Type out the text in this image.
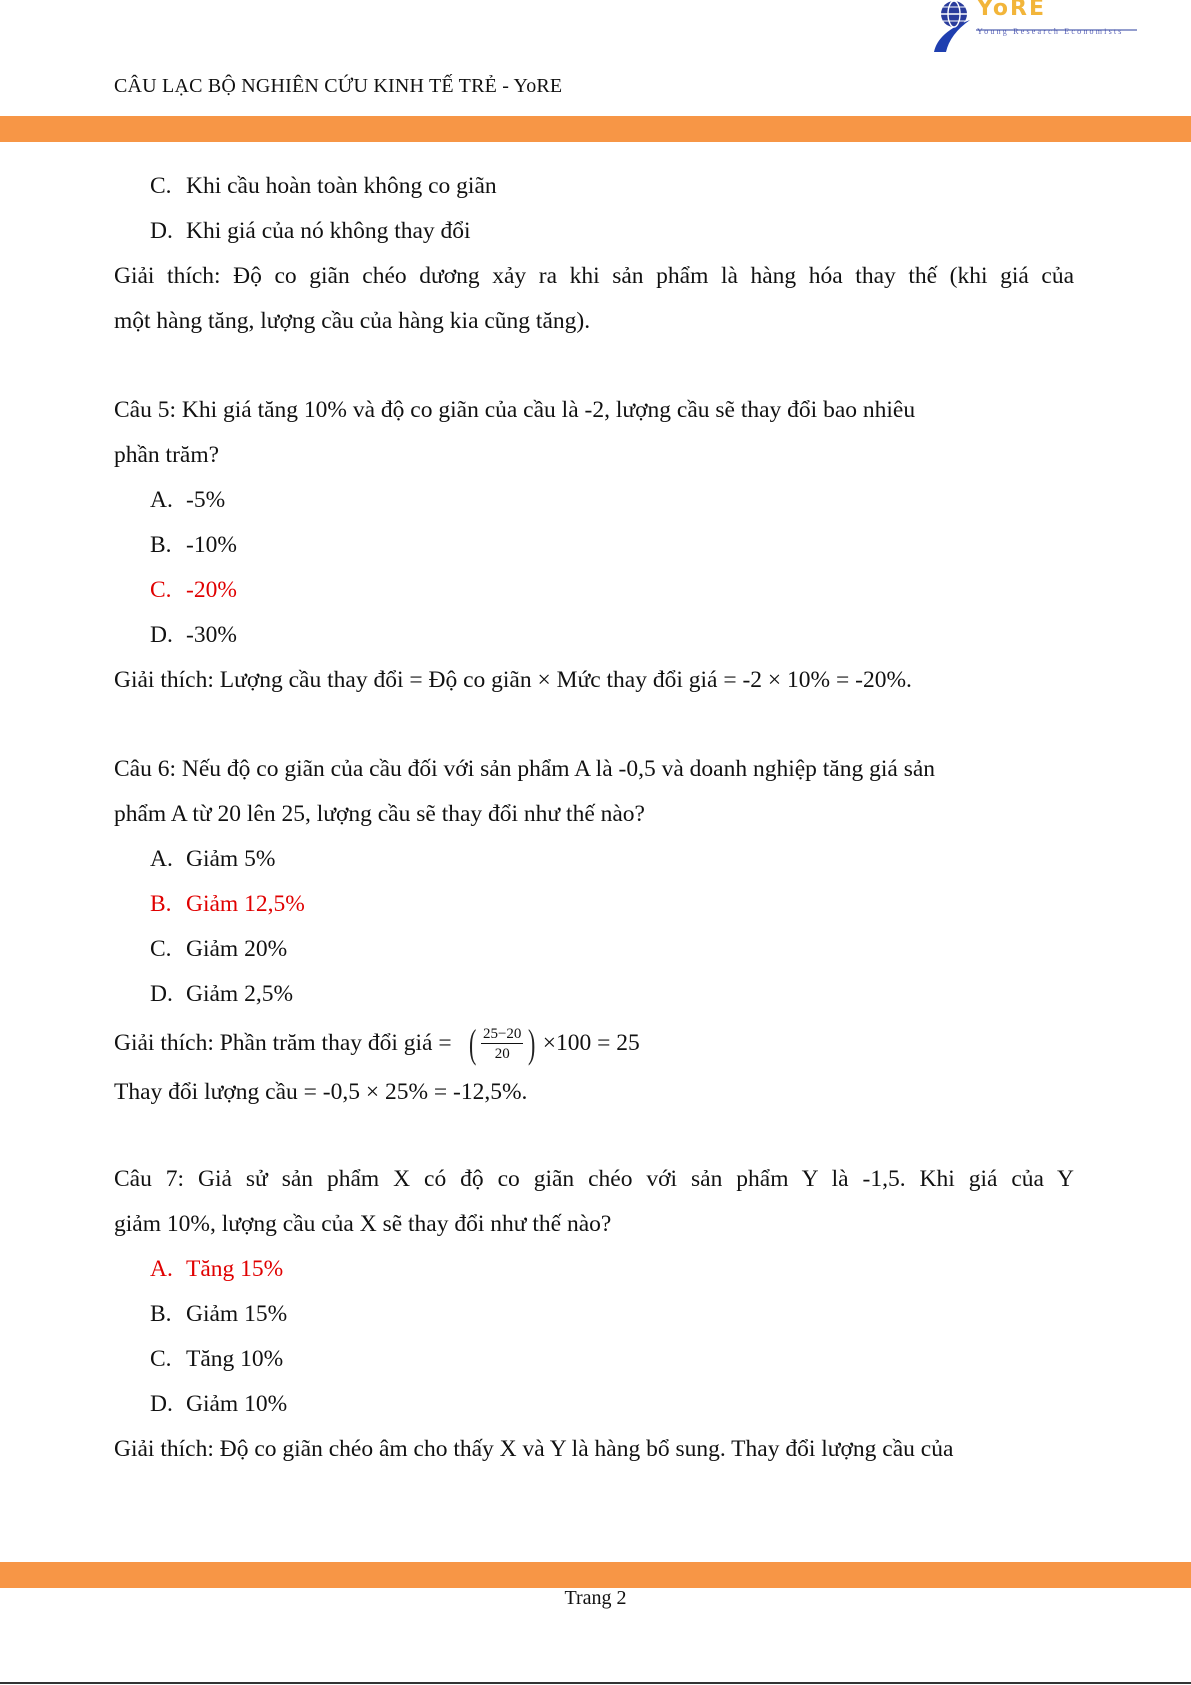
YoRE
Young Research Economists
CÂU LẠC BỘ NGHIÊN CỨU KINH TẾ TRẺ - YoRE
C. Khi cầu hoàn toàn không co giãn
D. Khi giá của nó không thay đổi
Giải thích: Độ co giãn chéo dương xảy ra khi sản phẩm là hàng hóa thay thế (khi giá của
một hàng tăng, lượng cầu của hàng kia cũng tăng).
Câu 5: Khi giá tăng 10% và độ co giãn của cầu là -2, lượng cầu sẽ thay đổi bao nhiêu
phần trăm?
A. -5%
B. -10%
C. -20%
D. -30%
Giải thích: Lượng cầu thay đổi = Độ co giãn × Mức thay đổi giá = -2 × 10% = -20%.
Câu 6: Nếu độ co giãn của cầu đối với sản phẩm A là -0,5 và doanh nghiệp tăng giá sản
phẩm A từ 20 lên 25, lượng cầu sẽ thay đổi như thế nào?
A. Giảm 5%
B. Giảm 12,5%
C. Giảm 20%
D. Giảm 2,5%
Giải thích: Phần trăm thay đổi giá = ( $\frac{25-20}{20}$ ) ×100 = 25
Thay đổi lượng cầu = -0,5 × 25% = -12,5%.
Câu 7: Giả sử sản phẩm X có độ co giãn chéo với sản phẩm Y là -1,5. Khi giá của Y
giảm 10%, lượng cầu của X sẽ thay đổi như thế nào?
A. Tăng 15%
B. Giảm 15%
C. Tăng 10%
D. Giảm 10%
Giải thích: Độ co giãn chéo âm cho thấy X và Y là hàng bổ sung. Thay đổi lượng cầu của
Trang 2
